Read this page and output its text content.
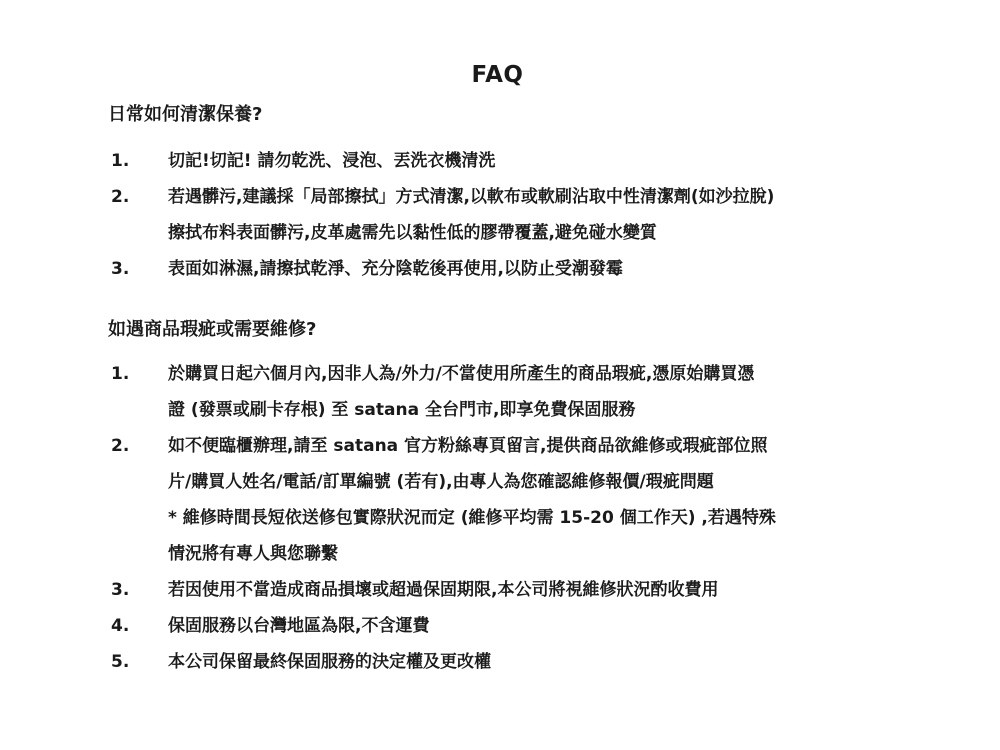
FAQ
日常如何清潔保養?
1.	切記!切記! 請勿乾洗、浸泡、丟洗衣機清洗
2.	若遇髒污,建議採「局部擦拭」方式清潔,以軟布或軟刷沾取中性清潔劑(如沙拉脫)
擦拭布料表面髒污,皮革處需先以黏性低的膠帶覆蓋,避免碰水變質
3.	表面如淋濕,請擦拭乾淨、充分陰乾後再使用,以防止受潮發霉
如遇商品瑕疵或需要維修?
1.	於購買日起六個月內,因非人為/外力/不當使用所產生的商品瑕疵,憑原始購買憑
證 (發票或刷卡存根) 至 satana 全台門市,即享免費保固服務
2.	如不便臨櫃辦理,請至 satana 官方粉絲專頁留言,提供商品欲維修或瑕疵部位照
片/購買人姓名/電話/訂單編號 (若有),由專人為您確認維修報價/瑕疵問題
* 維修時間長短依送修包實際狀況而定 (維修平均需 15-20 個工作天) ,若遇特殊
情況將有專人與您聯繫
3.	若因使用不當造成商品損壞或超過保固期限,本公司將視維修狀況酌收費用
4.	保固服務以台灣地區為限,不含運費
5.	本公司保留最終保固服務的決定權及更改權
